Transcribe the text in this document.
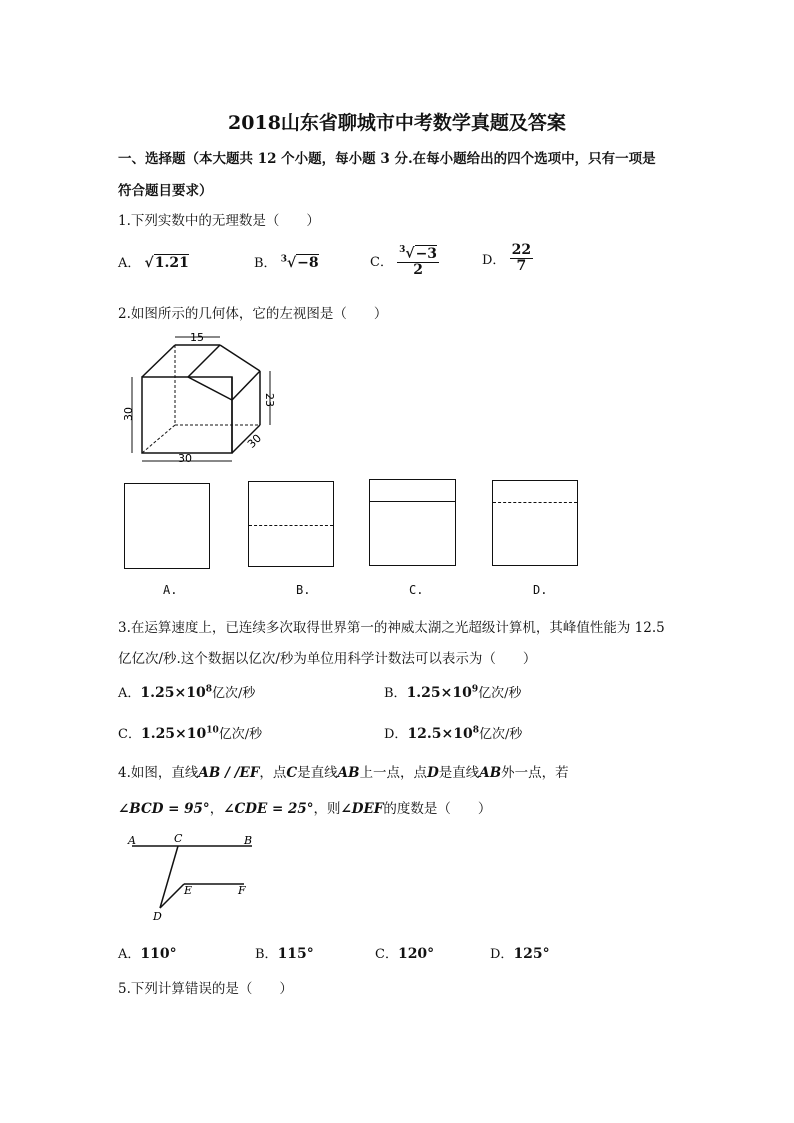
2018山东省聊城市中考数学真题及答案
一、选择题（本大题共 12 个小题，每小题 3 分.在每小题给出的四个选项中，只有一项是
符合题目要求）
1.下列实数中的无理数是（　　）
A． √1.21	B． $^3$√−8	C． $\frac{^3√-3}{2}$	D． $\frac{22}{7}$
2.如图所示的几何体，它的左视图是（　　）
15
30
23
30
30
A.	B.	C.	D.
3.在运算速度上，已连续多次取得世界第一的神威太湖之光超级计算机，其峰值性能为 12.5
亿亿次/秒.这个数据以亿次/秒为单位用科学计数法可以表示为（　　）
A．$1.25\times 10^8$亿次/秒	B．$1.25\times 10^9$亿次/秒
C．$1.25\times 10^{10}$亿次/秒	D．$12.5\times 10^8$亿次/秒
4.如图，直线AB / /EF，点C是直线AB上一点，点D是直线AB外一点，若
∠BCD = 95°，∠CDE = 25°，则∠DEF的度数是（　　）
A	C	B
E	F
D
A．110°	B．115°	C．120°	D．125°
5.下列计算错误的是（　　）
